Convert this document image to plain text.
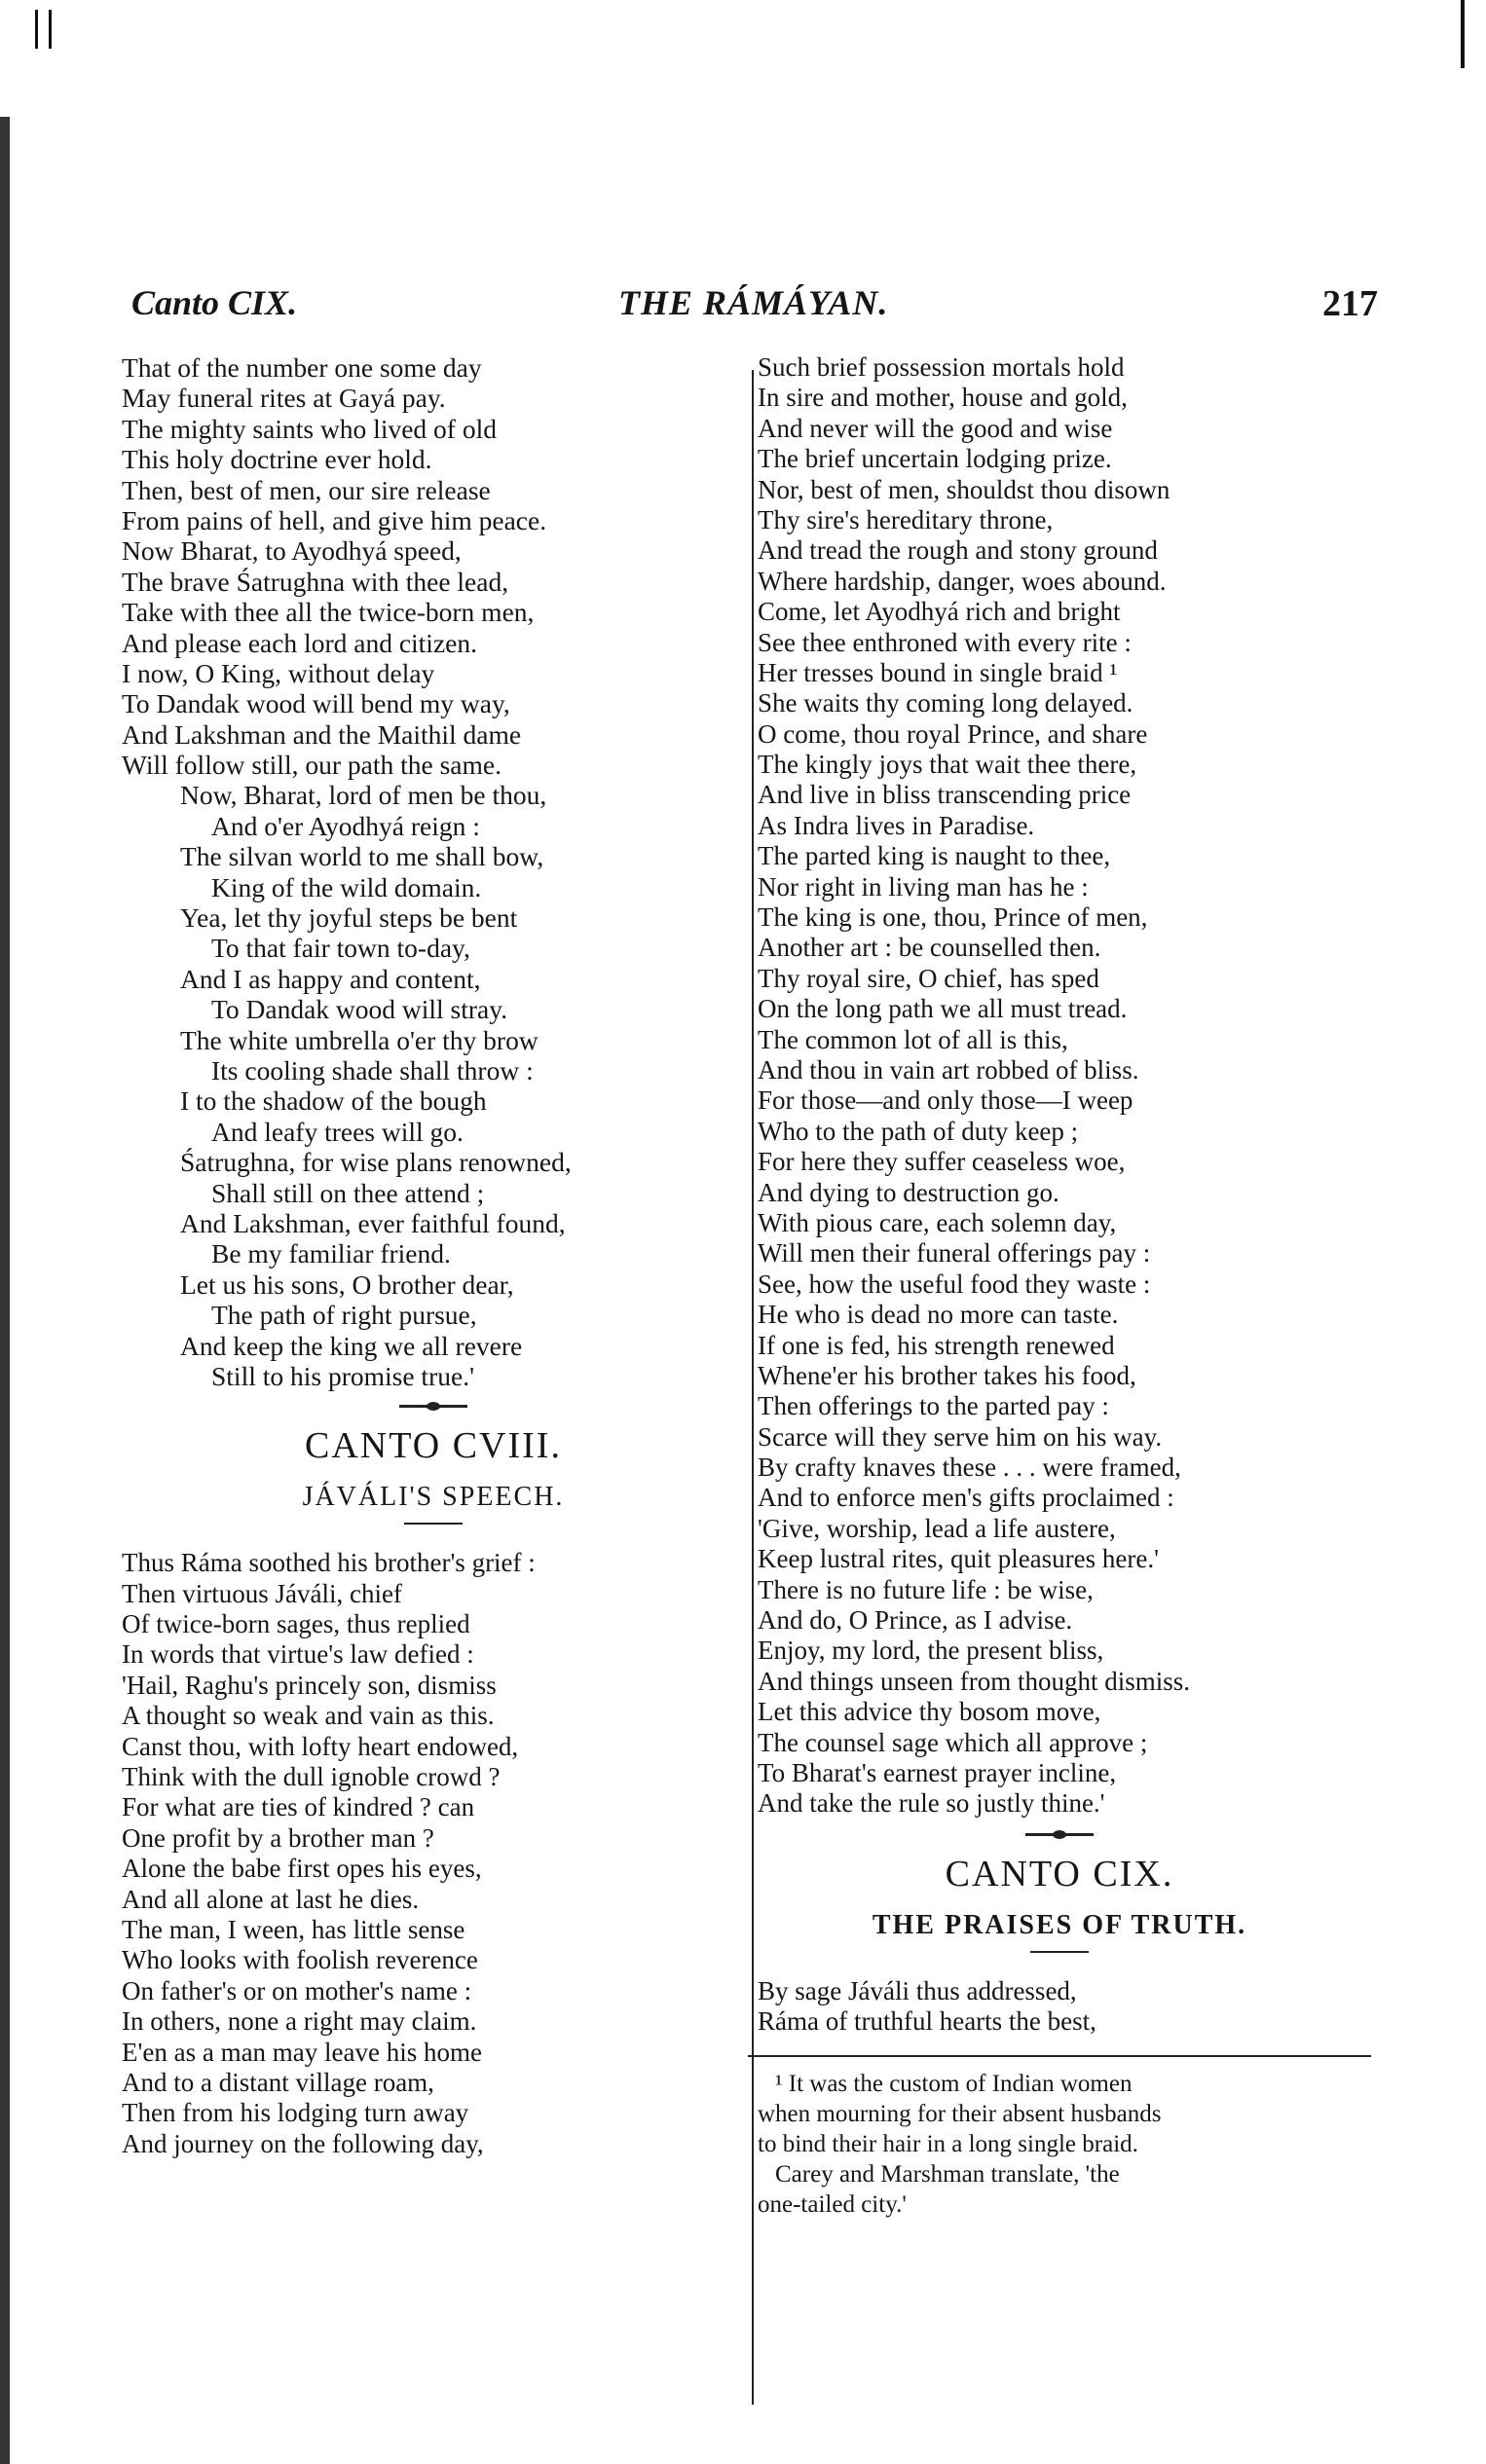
Canto CIX.	THE RÁMÁYAN.	217
That of the number one some day
May funeral rites at Gayá pay.
The mighty saints who lived of old
This holy doctrine ever hold.
Then, best of men, our sire release
From pains of hell, and give him peace.
Now Bharat, to Ayodhyá speed,
The brave Śatrughna with thee lead,
Take with thee all the twice-born men,
And please each lord and citizen.
I now, O King, without delay
To Dandak wood will bend my way,
And Lakshman and the Maithil dame
Will follow still, our path the same.
Now, Bharat, lord of men be thou,
And o'er Ayodhyá reign :
The silvan world to me shall bow,
King of the wild domain.
Yea, let thy joyful steps be bent
To that fair town to-day,
And I as happy and content,
To Dandak wood will stray.
The white umbrella o'er thy brow
Its cooling shade shall throw :
I to the shadow of the bough
And leafy trees will go.
Śatrughna, for wise plans renowned,
Shall still on thee attend ;
And Lakshman, ever faithful found,
Be my familiar friend.
Let us his sons, O brother dear,
The path of right pursue,
And keep the king we all revere
Still to his promise true.'
CANTO CVIII.
JÁVÁLI'S SPEECH.
Thus Ráma soothed his brother's grief :
Then virtuous Jáváli, chief
Of twice-born sages, thus replied
In words that virtue's law defied :
'Hail, Raghu's princely son, dismiss
A thought so weak and vain as this.
Canst thou, with lofty heart endowed,
Think with the dull ignoble crowd ?
For what are ties of kindred ? can
One profit by a brother man ?
Alone the babe first opes his eyes,
And all alone at last he dies.
The man, I ween, has little sense
Who looks with foolish reverence
On father's or on mother's name :
In others, none a right may claim.
E'en as a man may leave his home
And to a distant village roam,
Then from his lodging turn away
And journey on the following day,
Such brief possession mortals hold
In sire and mother, house and gold,
And never will the good and wise
The brief uncertain lodging prize.
Nor, best of men, shouldst thou disown
Thy sire's hereditary throne,
And tread the rough and stony ground
Where hardship, danger, woes abound.
Come, let Ayodhyá rich and bright
See thee enthroned with every rite :
Her tresses bound in single braid ¹
She waits thy coming long delayed.
O come, thou royal Prince, and share
The kingly joys that wait thee there,
And live in bliss transcending price
As Indra lives in Paradise.
The parted king is naught to thee,
Nor right in living man has he :
The king is one, thou, Prince of men,
Another art : be counselled then.
Thy royal sire, O chief, has sped
On the long path we all must tread.
The common lot of all is this,
And thou in vain art robbed of bliss.
For those—and only those—I weep
Who to the path of duty keep ;
For here they suffer ceaseless woe,
And dying to destruction go.
With pious care, each solemn day,
Will men their funeral offerings pay :
See, how the useful food they waste :
He who is dead no more can taste.
If one is fed, his strength renewed
Whene'er his brother takes his food,
Then offerings to the parted pay :
Scarce will they serve him on his way.
By crafty knaves these . . . were framed,
And to enforce men's gifts proclaimed :
'Give, worship, lead a life austere,
Keep lustral rites, quit pleasures here.'
There is no future life : be wise,
And do, O Prince, as I advise.
Enjoy, my lord, the present bliss,
And things unseen from thought dismiss.
Let this advice thy bosom move,
The counsel sage which all approve ;
To Bharat's earnest prayer incline,
And take the rule so justly thine.'
CANTO CIX.
THE PRAISES OF TRUTH.
By sage Jáváli thus addressed,
Ráma of truthful hearts the best,

¹ It was the custom of Indian women

when mourning for their absent husbands

to bind their hair in a long single braid.

Carey and Marshman translate, 'the

one-tailed city.'
